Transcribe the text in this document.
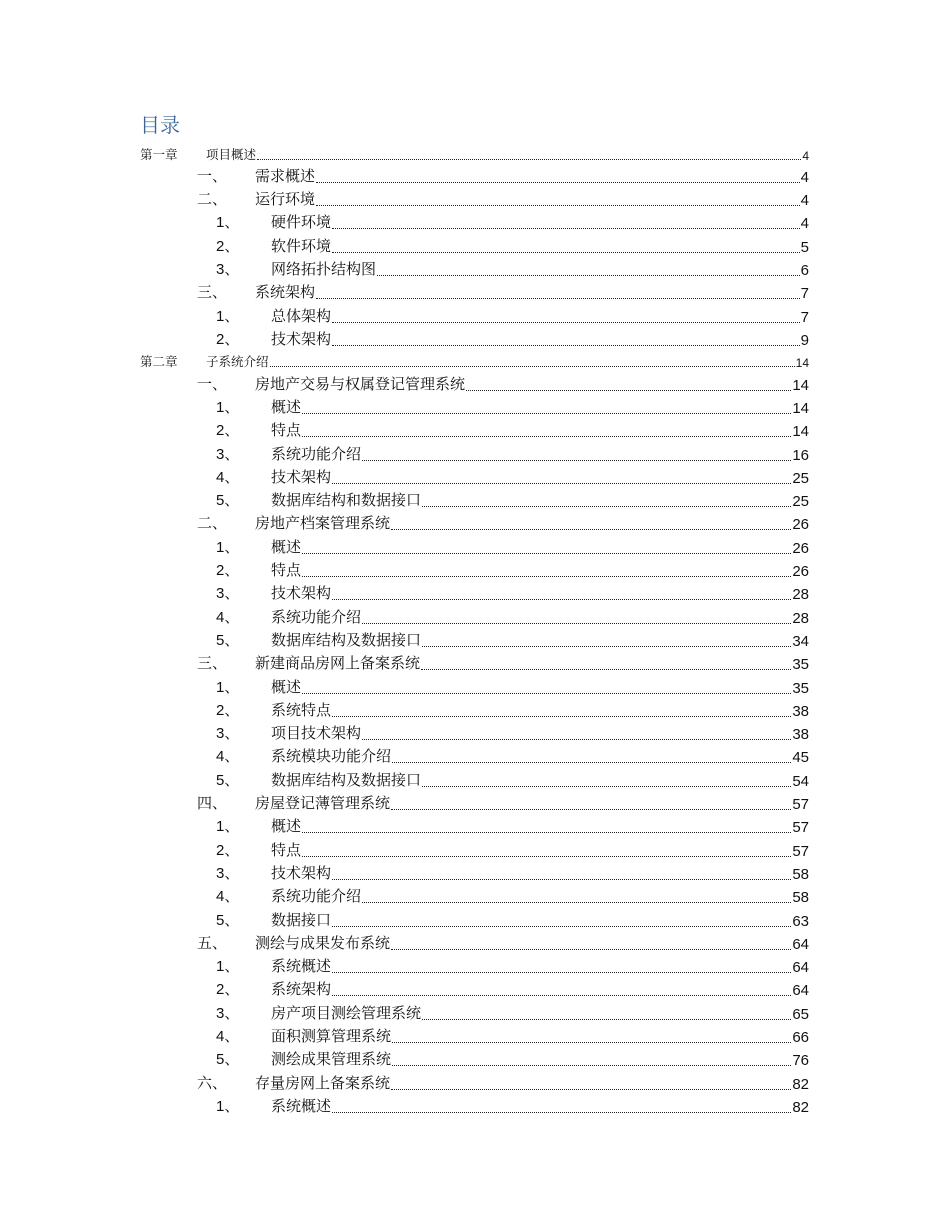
目录
第一章	项目概述	4
一、	需求概述	4
二、	运行环境	4
1、	硬件环境	4
2、	软件环境	5
3、	网络拓扑结构图	6
三、	系统架构	7
1、	总体架构	7
2、	技术架构	9
第二章	子系统介绍	14
一、	房地产交易与权属登记管理系统	14
1、	概述	14
2、	特点	14
3、	系统功能介绍	16
4、	技术架构	25
5、	数据库结构和数据接口	25
二、	房地产档案管理系统	26
1、	概述	26
2、	特点	26
3、	技术架构	28
4、	系统功能介绍	28
5、	数据库结构及数据接口	34
三、	新建商品房网上备案系统	35
1、	概述	35
2、	系统特点	38
3、	项目技术架构	38
4、	系统模块功能介绍	45
5、	数据库结构及数据接口	54
四、	房屋登记薄管理系统	57
1、	概述	57
2、	特点	57
3、	技术架构	58
4、	系统功能介绍	58
5、	数据接口	63
五、	测绘与成果发布系统	64
1、	系统概述	64
2、	系统架构	64
3、	房产项目测绘管理系统	65
4、	面积测算管理系统	66
5、	测绘成果管理系统	76
六、	存量房网上备案系统	82
1、	系统概述	82
